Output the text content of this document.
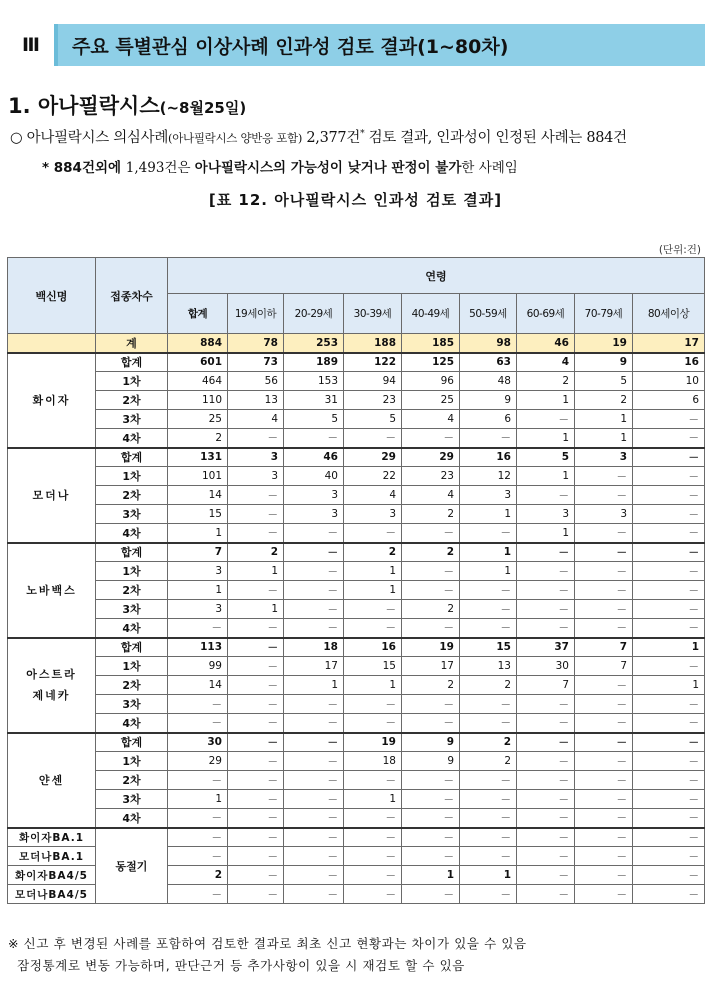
Ⅲ	주요 특별관심 이상사례 인과성 검토 결과(1~80차)
1. 아나필락시스(~8월25일)
○ 아나필락시스 의심사례(아나필락시스 양반응 포함) 2,377건* 검토 결과, 인과성이 인정된 사례는 884건
* 884건외에 1,493건은 아나필락시스의 가능성이 낮거나 판정이 불가한 사례임
[표 12. 아나필락시스 인과성 검토 결과]
(단위:건)
백신명	접종차수	연령								
		합계	19세이하	20-29세	30-39세	40-49세	50-59세	60-69세	70-79세	80세이상
	계	884	78	253	188	185	98	46	19	17
화이자	합계	601	73	189	122	125	63	4	9	16
	1차	464	56	153	94	96	48	2	5	10
	2차	110	13	31	23	25	9	1	2	6
	3차	25	4	5	5	4	6	－	1	－
	4차	2	－	－	－	－	－	1	1	－
모더나	합계	131	3	46	29	29	16	5	3	－
	1차	101	3	40	22	23	12	1	－	－
	2차	14	－	3	4	4	3	－	－	－
	3차	15	－	3	3	2	1	3	3	－
	4차	1	－	－	－	－	－	1	－	－
노바백스	합계	7	2	－	2	2	1	－	－	－
	1차	3	1	－	1	－	1	－	－	－
	2차	1	－	－	1	－	－	－	－	－
	3차	3	1	－	－	2	－	－	－	－
	4차	－	－	－	－	－	－	－	－	－
아스트라
제네카	합계	113	－	18	16	19	15	37	7	1
	1차	99	－	17	15	17	13	30	7	－
	2차	14	－	1	1	2	2	7	－	1
	3차	－	－	－	－	－	－	－	－	－
	4차	－	－	－	－	－	－	－	－	－
얀센	합계	30	－	－	19	9	2	－	－	－
	1차	29	－	－	18	9	2	－	－	－
	2차	－	－	－	－	－	－	－	－	－
	3차	1	－	－	1	－	－	－	－	－
	4차	－	－	－	－	－	－	－	－	－
화이자BA.1	동절기	－	－	－	－	－	－	－	－	－
모더나BA.1		－	－	－	－	－	－	－	－	－
화이자BA4/5		2	－	－	－	1	1	－	－	－
모더나BA4/5		－	－	－	－	－	－	－	－	－
※ 신고 후 변경된 사례를 포함하여 검토한 결과로 최초 신고 현황과는 차이가 있을 수 있음
잠정통계로 변동 가능하며, 판단근거 등 추가사항이 있을 시 재검토 할 수 있음
